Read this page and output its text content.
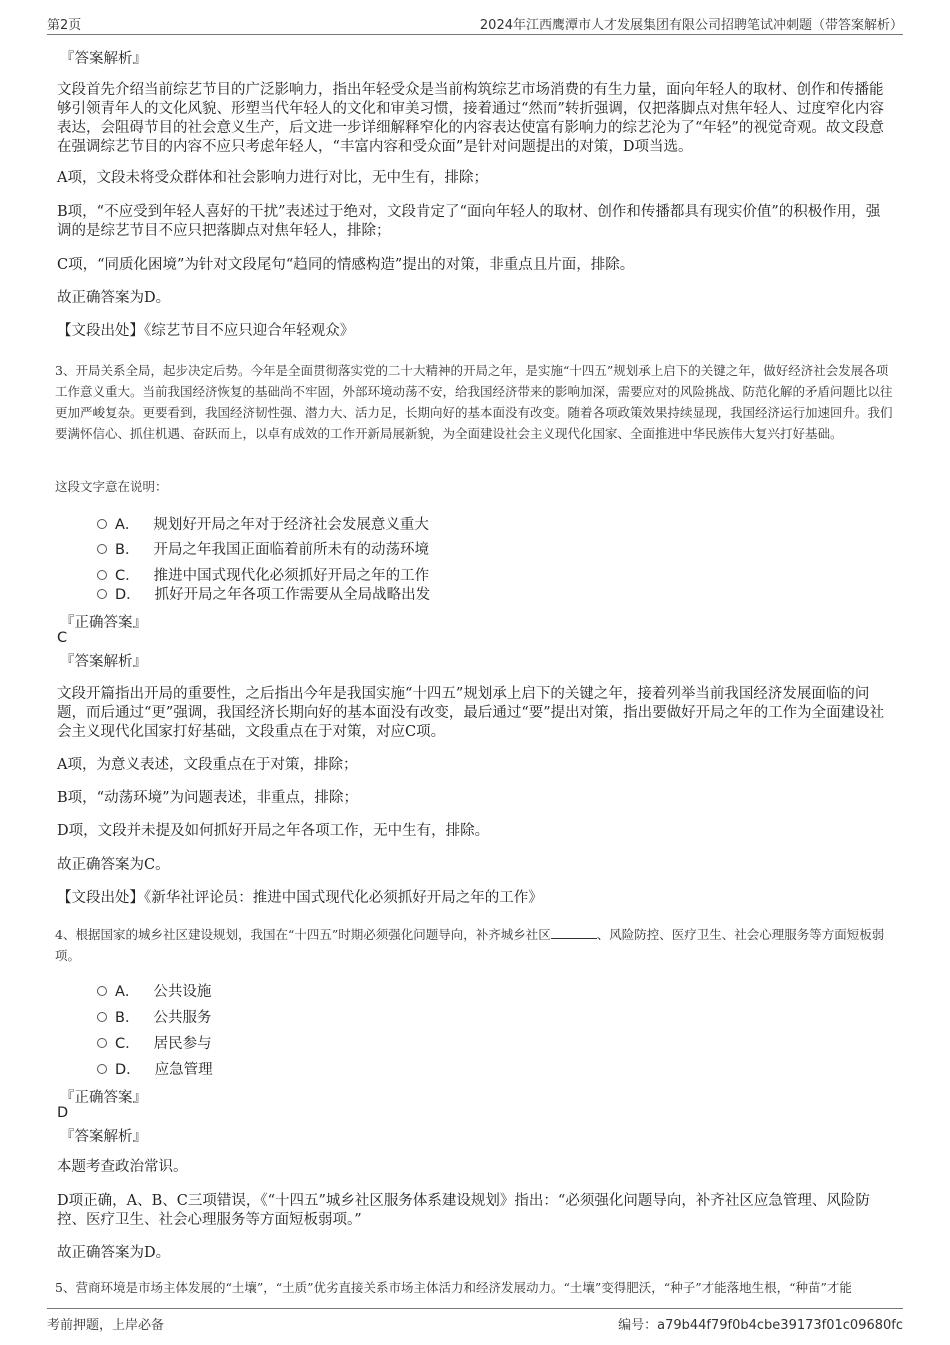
第2页	2024年江西鹰潭市人才发展集团有限公司招聘笔试冲刺题（带答案解析）

『答案解析』

文段首先介绍当前综艺节目的广泛影响力，指出年轻受众是当前构筑综艺市场消费的有生力量，面向年轻人的取材、创作和传播能够引领青年人的文化风貌、形塑当代年轻人的文化和审美习惯，接着通过“然而”转折强调，仅把落脚点对焦年轻人、过度窄化内容表达，会阻碍节目的社会意义生产，后文进一步详细解释窄化的内容表达使富有影响力的综艺沦为了“年轻”的视觉奇观。故文段意在强调综艺节目的内容不应只考虑年轻人，“丰富内容和受众面”是针对问题提出的对策，D项当选。

A项，文段未将受众群体和社会影响力进行对比，无中生有，排除；

B项，“不应受到年轻人喜好的干扰”表述过于绝对，文段肯定了“面向年轻人的取材、创作和传播都具有现实价值”的积极作用，强调的是综艺节目不应只把落脚点对焦年轻人，排除；

C项，“同质化困境”为针对文段尾句“趋同的情感构造”提出的对策，非重点且片面，排除。

故正确答案为D。

【文段出处】《综艺节目不应只迎合年轻观众》

3、开局关系全局，起步决定后势。今年是全面贯彻落实党的二十大精神的开局之年，是实施“十四五”规划承上启下的关键之年，做好经济社会发展各项工作意义重大。当前我国经济恢复的基础尚不牢固，外部环境动荡不安，给我国经济带来的影响加深，需要应对的风险挑战、防范化解的矛盾问题比以往更加严峻复杂。更要看到，我国经济韧性强、潜力大、活力足，长期向好的基本面没有改变。随着各项政策效果持续显现，我国经济运行加速回升。我们要满怀信心、抓住机遇、奋跃而上，以卓有成效的工作开新局展新貌，为全面建设社会主义现代化国家、全面推进中华民族伟大复兴打好基础。

这段文字意在说明：

A． 规划好开局之年对于经济社会发展意义重大
B． 开局之年我国正面临着前所未有的动荡环境
C． 推进中国式现代化必须抓好开局之年的工作
D． 抓好开局之年各项工作需要从全局战略出发

『正确答案』

C

『答案解析』

文段开篇指出开局的重要性，之后指出今年是我国实施“十四五”规划承上启下的关键之年，接着列举当前我国经济发展面临的问题，而后通过“更”强调，我国经济长期向好的基本面没有改变，最后通过“要”提出对策，指出要做好开局之年的工作为全面建设社会主义现代化国家打好基础，文段重点在于对策，对应C项。

A项，为意义表述，文段重点在于对策，排除；

B项，“动荡环境”为问题表述，非重点，排除；

D项，文段并未提及如何抓好开局之年各项工作，无中生有，排除。

故正确答案为C。

【文段出处】《新华社评论员：推进中国式现代化必须抓好开局之年的工作》

4、根据国家的城乡社区建设规划，我国在“十四五”时期必须强化问题导向，补齐城乡社区	、风险防控、医疗卫生、社会心理服务等方面短板弱项。

A． 公共设施
B． 公共服务
C． 居民参与
D． 应急管理

『正确答案』

D

『答案解析』

本题考查政治常识。

D项正确，A、B、C三项错误，《“十四五”城乡社区服务体系建设规划》指出：“必须强化问题导向，补齐社区应急管理、风险防控、医疗卫生、社会心理服务等方面短板弱项。”

故正确答案为D。

5、营商环境是市场主体发展的“土壤”，“土质”优劣直接关系市场主体活力和经济发展动力。“土壤”变得肥沃，“种子”才能落地生根，“种苗”才能

考前押题，上岸必备	编号：a79b44f79f0b4cbe39173f01c09680fc
